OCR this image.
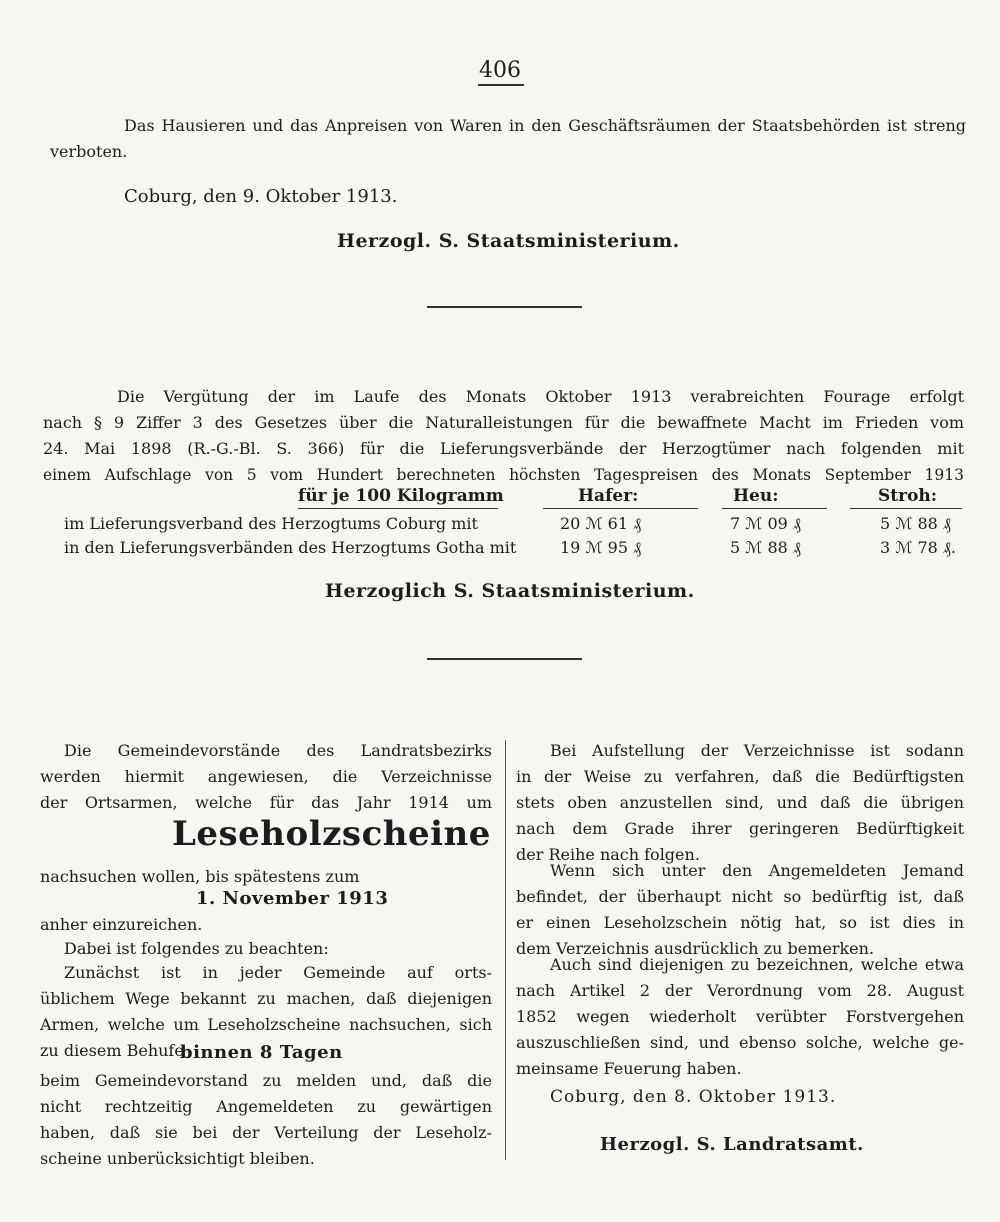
406
Das Hausieren und das Anpreisen von Waren in den Geschäftsräumen der Staatsbehörden ist streng verboten.
Coburg, den 9. Oktober 1913.
Herzogl. S. Staatsministerium.
Die Vergütung der im Laufe des Monats Oktober 1913 verabreichten Fourage erfolgt
nach § 9 Ziffer 3 des Gesetzes über die Naturalleistungen für die bewaffnete Macht im Frieden vom
24. Mai 1898 (R.-G.-Bl. S. 366) für die Lieferungsverbände der Herzogtümer nach folgenden mit
einem Aufschlage von 5 vom Hundert berechneten höchsten Tagespreisen des Monats September 1913
für je 100 Kilogramm	Hafer:	Heu:	Stroh:
im Lieferungsverband des Herzogtums Coburg mit	20 ℳ 61 ₰	7 ℳ 09 ₰	5 ℳ 88 ₰
in den Lieferungsverbänden des Herzogtums Gotha mit	19 ℳ 95 ₰	5 ℳ 88 ₰	3 ℳ 78 ₰.
Herzoglich S. Staatsministerium.
Die Gemeindevorstände des Landratsbezirks
werden hiermit angewiesen, die Verzeichnisse
der Ortsarmen, welche für das Jahr 1914 um
Leseholzscheine
nachsuchen wollen, bis spätestens zum
1. November 1913
anher einzureichen.
Dabei ist folgendes zu beachten:
Zunächst ist in jeder Gemeinde auf orts-
üblichem Wege bekannt zu machen, daß diejenigen
Armen, welche um Leseholzscheine nachsuchen, sich
zu diesem Behufe
binnen 8 Tagen
beim Gemeindevorstand zu melden und, daß die
nicht rechtzeitig Angemeldeten zu gewärtigen
haben, daß sie bei der Verteilung der Leseholz-
scheine unberücksichtigt bleiben.
Bei Aufstellung der Verzeichnisse ist sodann
in der Weise zu verfahren, daß die Bedürftigsten
stets oben anzustellen sind, und daß die übrigen
nach dem Grade ihrer geringeren Bedürftigkeit
der Reihe nach folgen.
Wenn sich unter den Angemeldeten Jemand
befindet, der überhaupt nicht so bedürftig ist, daß
er einen Leseholzschein nötig hat, so ist dies in
dem Verzeichnis ausdrücklich zu bemerken.
Auch sind diejenigen zu bezeichnen, welche etwa
nach Artikel 2 der Verordnung vom 28. August
1852 wegen wiederholt verübter Forstvergehen
auszuschließen sind, und ebenso solche, welche ge-
meinsame Feuerung haben.
Coburg, den 8. Oktober 1913.
Herzogl. S. Landratsamt.
